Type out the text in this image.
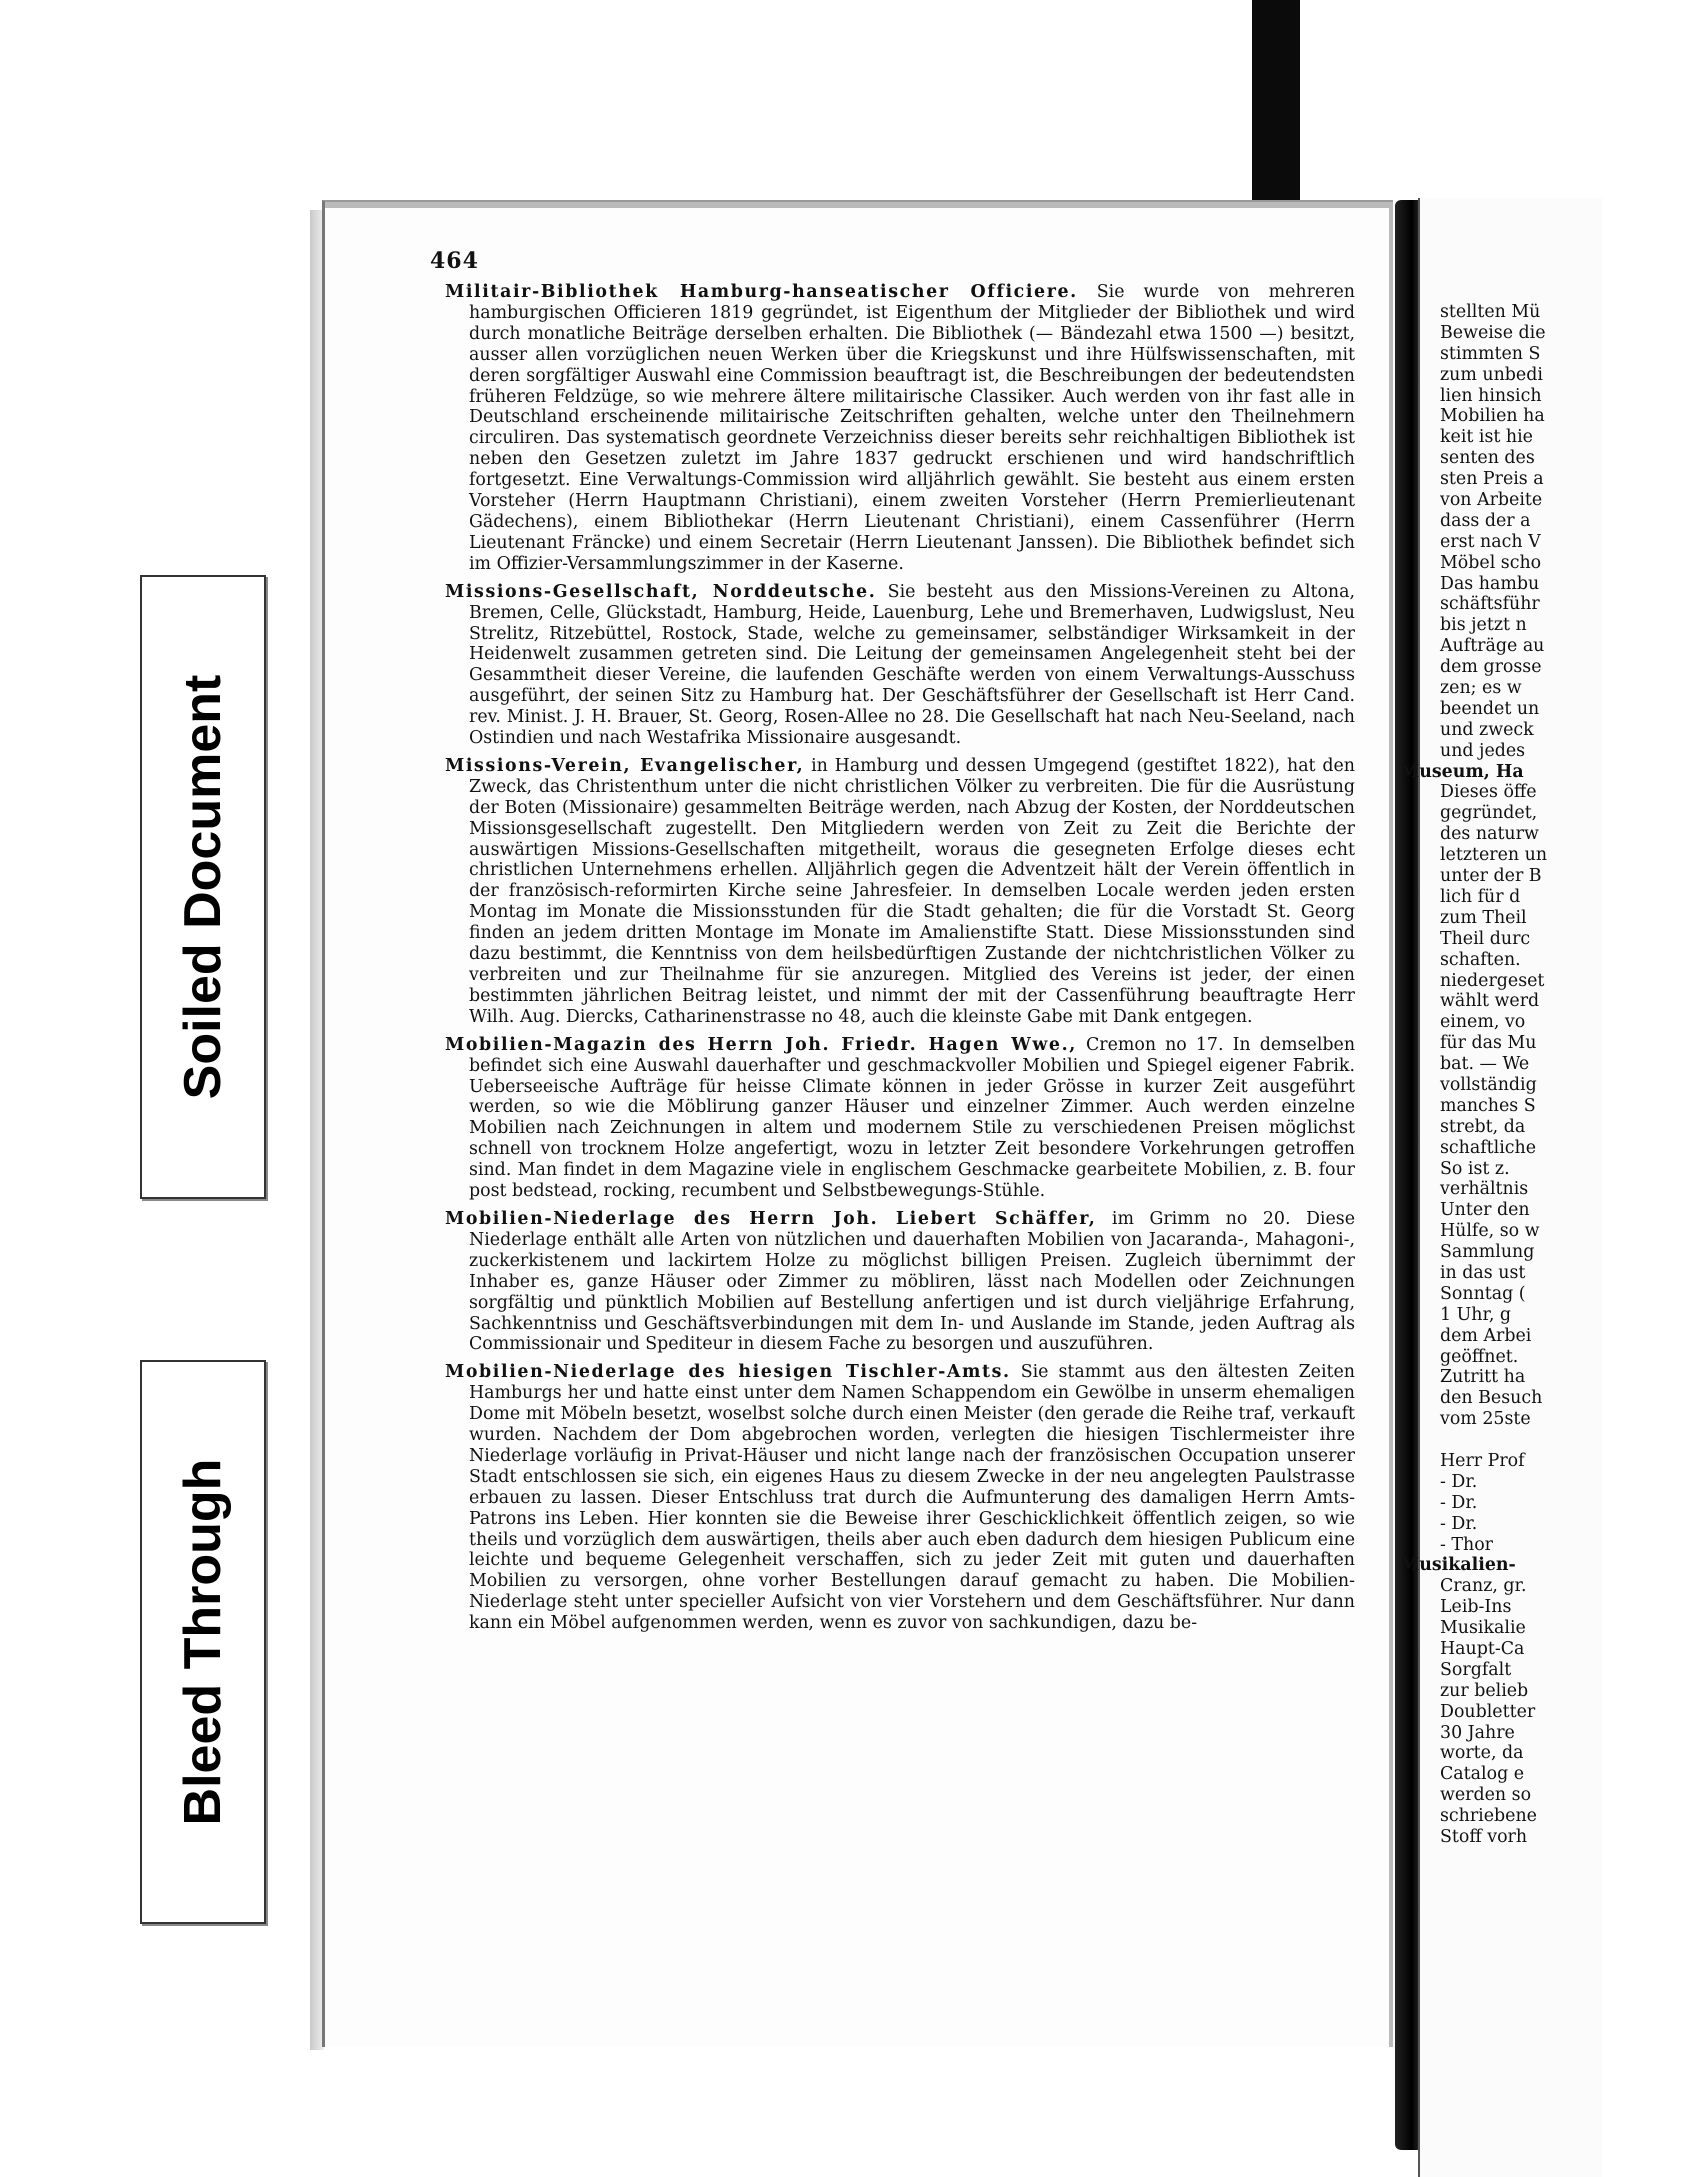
Soiled Document
Bleed Through
stellten Mü
Beweise die
stimmten S
zum unbedi
lien hinsich
Mobilien ha
keit ist hie
senten des
sten Preis a
von Arbeite
dass der a
erst nach V
Möbel scho
Das hambu
schäftsführ
bis jetzt n
Aufträge au
dem grosse
zen; es w
beendet un
und zweck
und jedes
Museum, Ha
Dieses öffe
gegründet,
des naturw
letzteren un
unter der B
lich für d
zum Theil
Theil durc
schaften.
niedergeset
wählt werd
einem, vo
für das Mu
bat. — We
vollständig
manches S
strebt, da
schaftliche
So ist z.
verhältnis
Unter den
Hülfe, so w
Sammlung
in das ust
Sonntag (
1 Uhr, g
dem Arbei
geöffnet.
Zutritt ha
den Besuch
vom 25ste
Herr Prof
- Dr.
- Dr.
- Dr.
- Thor
Musikalien-
Cranz, gr.
Leib-Ins
Musikalie
Haupt-Ca
Sorgfalt
zur belieb
Doubletter
30 Jahre
worte, da
Catalog e
werden so
schriebene
Stoff vorh
464

Militair-Bibliothek Hamburg-hanseatischer Officiere. Sie wurde von mehreren hamburgischen Officieren 1819 gegründet, ist Eigenthum der Mitglieder der Bibliothek und wird durch monatliche Beiträge derselben erhalten. Die Bibliothek (— Bändezahl etwa 1500 —) besitzt, ausser allen vorzüglichen neuen Werken über die Kriegskunst und ihre Hülfswissenschaften, mit deren sorgfältiger Auswahl eine Commission beauftragt ist, die Beschreibungen der bedeutendsten früheren Feldzüge, so wie mehrere ältere militairische Classiker. Auch werden von ihr fast alle in Deutschland erscheinende militairische Zeitschriften gehalten, welche unter den Theilnehmern circuliren. Das systematisch geordnete Verzeichniss dieser bereits sehr reichhaltigen Bibliothek ist neben den Gesetzen zuletzt im Jahre 1837 gedruckt erschienen und wird handschriftlich fortgesetzt. Eine Verwaltungs-Commission wird alljährlich gewählt. Sie besteht aus einem ersten Vorsteher (Herrn Hauptmann Christiani), einem zweiten Vorsteher (Herrn Premierlieutenant Gädechens), einem Bibliothekar (Herrn Lieutenant Christiani), einem Cassenführer (Herrn Lieutenant Fräncke) und einem Secretair (Herrn Lieutenant Janssen). Die Bibliothek befindet sich im Offizier-Versammlungszimmer in der Kaserne.

Missions-Gesellschaft, Norddeutsche. Sie besteht aus den Missions-Vereinen zu Altona, Bremen, Celle, Glückstadt, Hamburg, Heide, Lauenburg, Lehe und Bremerhaven, Ludwigslust, Neu Strelitz, Ritzebüttel, Rostock, Stade, welche zu gemeinsamer, selbständiger Wirksamkeit in der Heidenwelt zusammen getreten sind. Die Leitung der gemeinsamen Angelegenheit steht bei der Gesammtheit dieser Vereine, die laufenden Geschäfte werden von einem Verwaltungs-Ausschuss ausgeführt, der seinen Sitz zu Hamburg hat. Der Geschäftsführer der Gesellschaft ist Herr Cand. rev. Minist. J. H. Brauer, St. Georg, Rosen-Allee no 28. Die Gesellschaft hat nach Neu-Seeland, nach Ostindien und nach Westafrika Missionaire ausgesandt.

Missions-Verein, Evangelischer, in Hamburg und dessen Umgegend (gestiftet 1822), hat den Zweck, das Christenthum unter die nicht christlichen Völker zu verbreiten. Die für die Ausrüstung der Boten (Missionaire) gesammelten Beiträge werden, nach Abzug der Kosten, der Norddeutschen Missionsgesellschaft zugestellt. Den Mitgliedern werden von Zeit zu Zeit die Berichte der auswärtigen Missions-Gesellschaften mitgetheilt, woraus die gesegneten Erfolge dieses echt christlichen Unternehmens erhellen. Alljährlich gegen die Adventzeit hält der Verein öffentlich in der französisch-reformirten Kirche seine Jahresfeier. In demselben Locale werden jeden ersten Montag im Monate die Missionsstunden für die Stadt gehalten; die für die Vorstadt St. Georg finden an jedem dritten Montage im Monate im Amalienstifte Statt. Diese Missionsstunden sind dazu bestimmt, die Kenntniss von dem heilsbedürftigen Zustande der nichtchristlichen Völker zu verbreiten und zur Theilnahme für sie anzuregen. Mitglied des Vereins ist jeder, der einen bestimmten jährlichen Beitrag leistet, und nimmt der mit der Cassenführung beauftragte Herr Wilh. Aug. Diercks, Catharinenstrasse no 48, auch die kleinste Gabe mit Dank entgegen.

Mobilien-Magazin des Herrn Joh. Friedr. Hagen Wwe., Cremon no 17. In demselben befindet sich eine Auswahl dauerhafter und geschmackvoller Mobilien und Spiegel eigener Fabrik. Ueberseeische Aufträge für heisse Climate können in jeder Grösse in kurzer Zeit ausgeführt werden, so wie die Möblirung ganzer Häuser und einzelner Zimmer. Auch werden einzelne Mobilien nach Zeichnungen in altem und modernem Stile zu verschiedenen Preisen möglichst schnell von trocknem Holze angefertigt, wozu in letzter Zeit besondere Vorkehrungen getroffen sind. Man findet in dem Magazine viele in englischem Geschmacke gearbeitete Mobilien, z. B. four post bedstead, rocking, recumbent und Selbstbewegungs-Stühle.

Mobilien-Niederlage des Herrn Joh. Liebert Schäffer, im Grimm no 20. Diese Niederlage enthält alle Arten von nützlichen und dauerhaften Mobilien von Jacaranda-, Mahagoni-, zuckerkistenem und lackirtem Holze zu möglichst billigen Preisen. Zugleich übernimmt der Inhaber es, ganze Häuser oder Zimmer zu möbliren, lässt nach Modellen oder Zeichnungen sorgfältig und pünktlich Mobilien auf Bestellung anfertigen und ist durch vieljährige Erfahrung, Sachkenntniss und Geschäftsverbindungen mit dem In- und Auslande im Stande, jeden Auftrag als Commissionair und Spediteur in diesem Fache zu besorgen und auszuführen.

Mobilien-Niederlage des hiesigen Tischler-Amts. Sie stammt aus den ältesten Zeiten Hamburgs her und hatte einst unter dem Namen Schappendom ein Gewölbe in unserm ehemaligen Dome mit Möbeln besetzt, woselbst solche durch einen Meister (den gerade die Reihe traf, verkauft wurden. Nachdem der Dom abgebrochen worden, verlegten die hiesigen Tischlermeister ihre Niederlage vorläufig in Privat-Häuser und nicht lange nach der französischen Occupation unserer Stadt entschlossen sie sich, ein eigenes Haus zu diesem Zwecke in der neu angelegten Paulstrasse erbauen zu lassen. Dieser Entschluss trat durch die Aufmunterung des damaligen Herrn Amts-Patrons ins Leben. Hier konnten sie die Beweise ihrer Geschicklichkeit öffentlich zeigen, so wie theils und vorzüglich dem auswärtigen, theils aber auch eben dadurch dem hiesigen Publicum eine leichte und bequeme Gelegenheit verschaffen, sich zu jeder Zeit mit guten und dauerhaften Mobilien zu versorgen, ohne vorher Bestellungen darauf gemacht zu haben. Die Mobilien-Niederlage steht unter specieller Aufsicht von vier Vorstehern und dem Geschäftsführer. Nur dann kann ein Möbel aufgenommen werden, wenn es zuvor von sachkundigen, dazu be-
